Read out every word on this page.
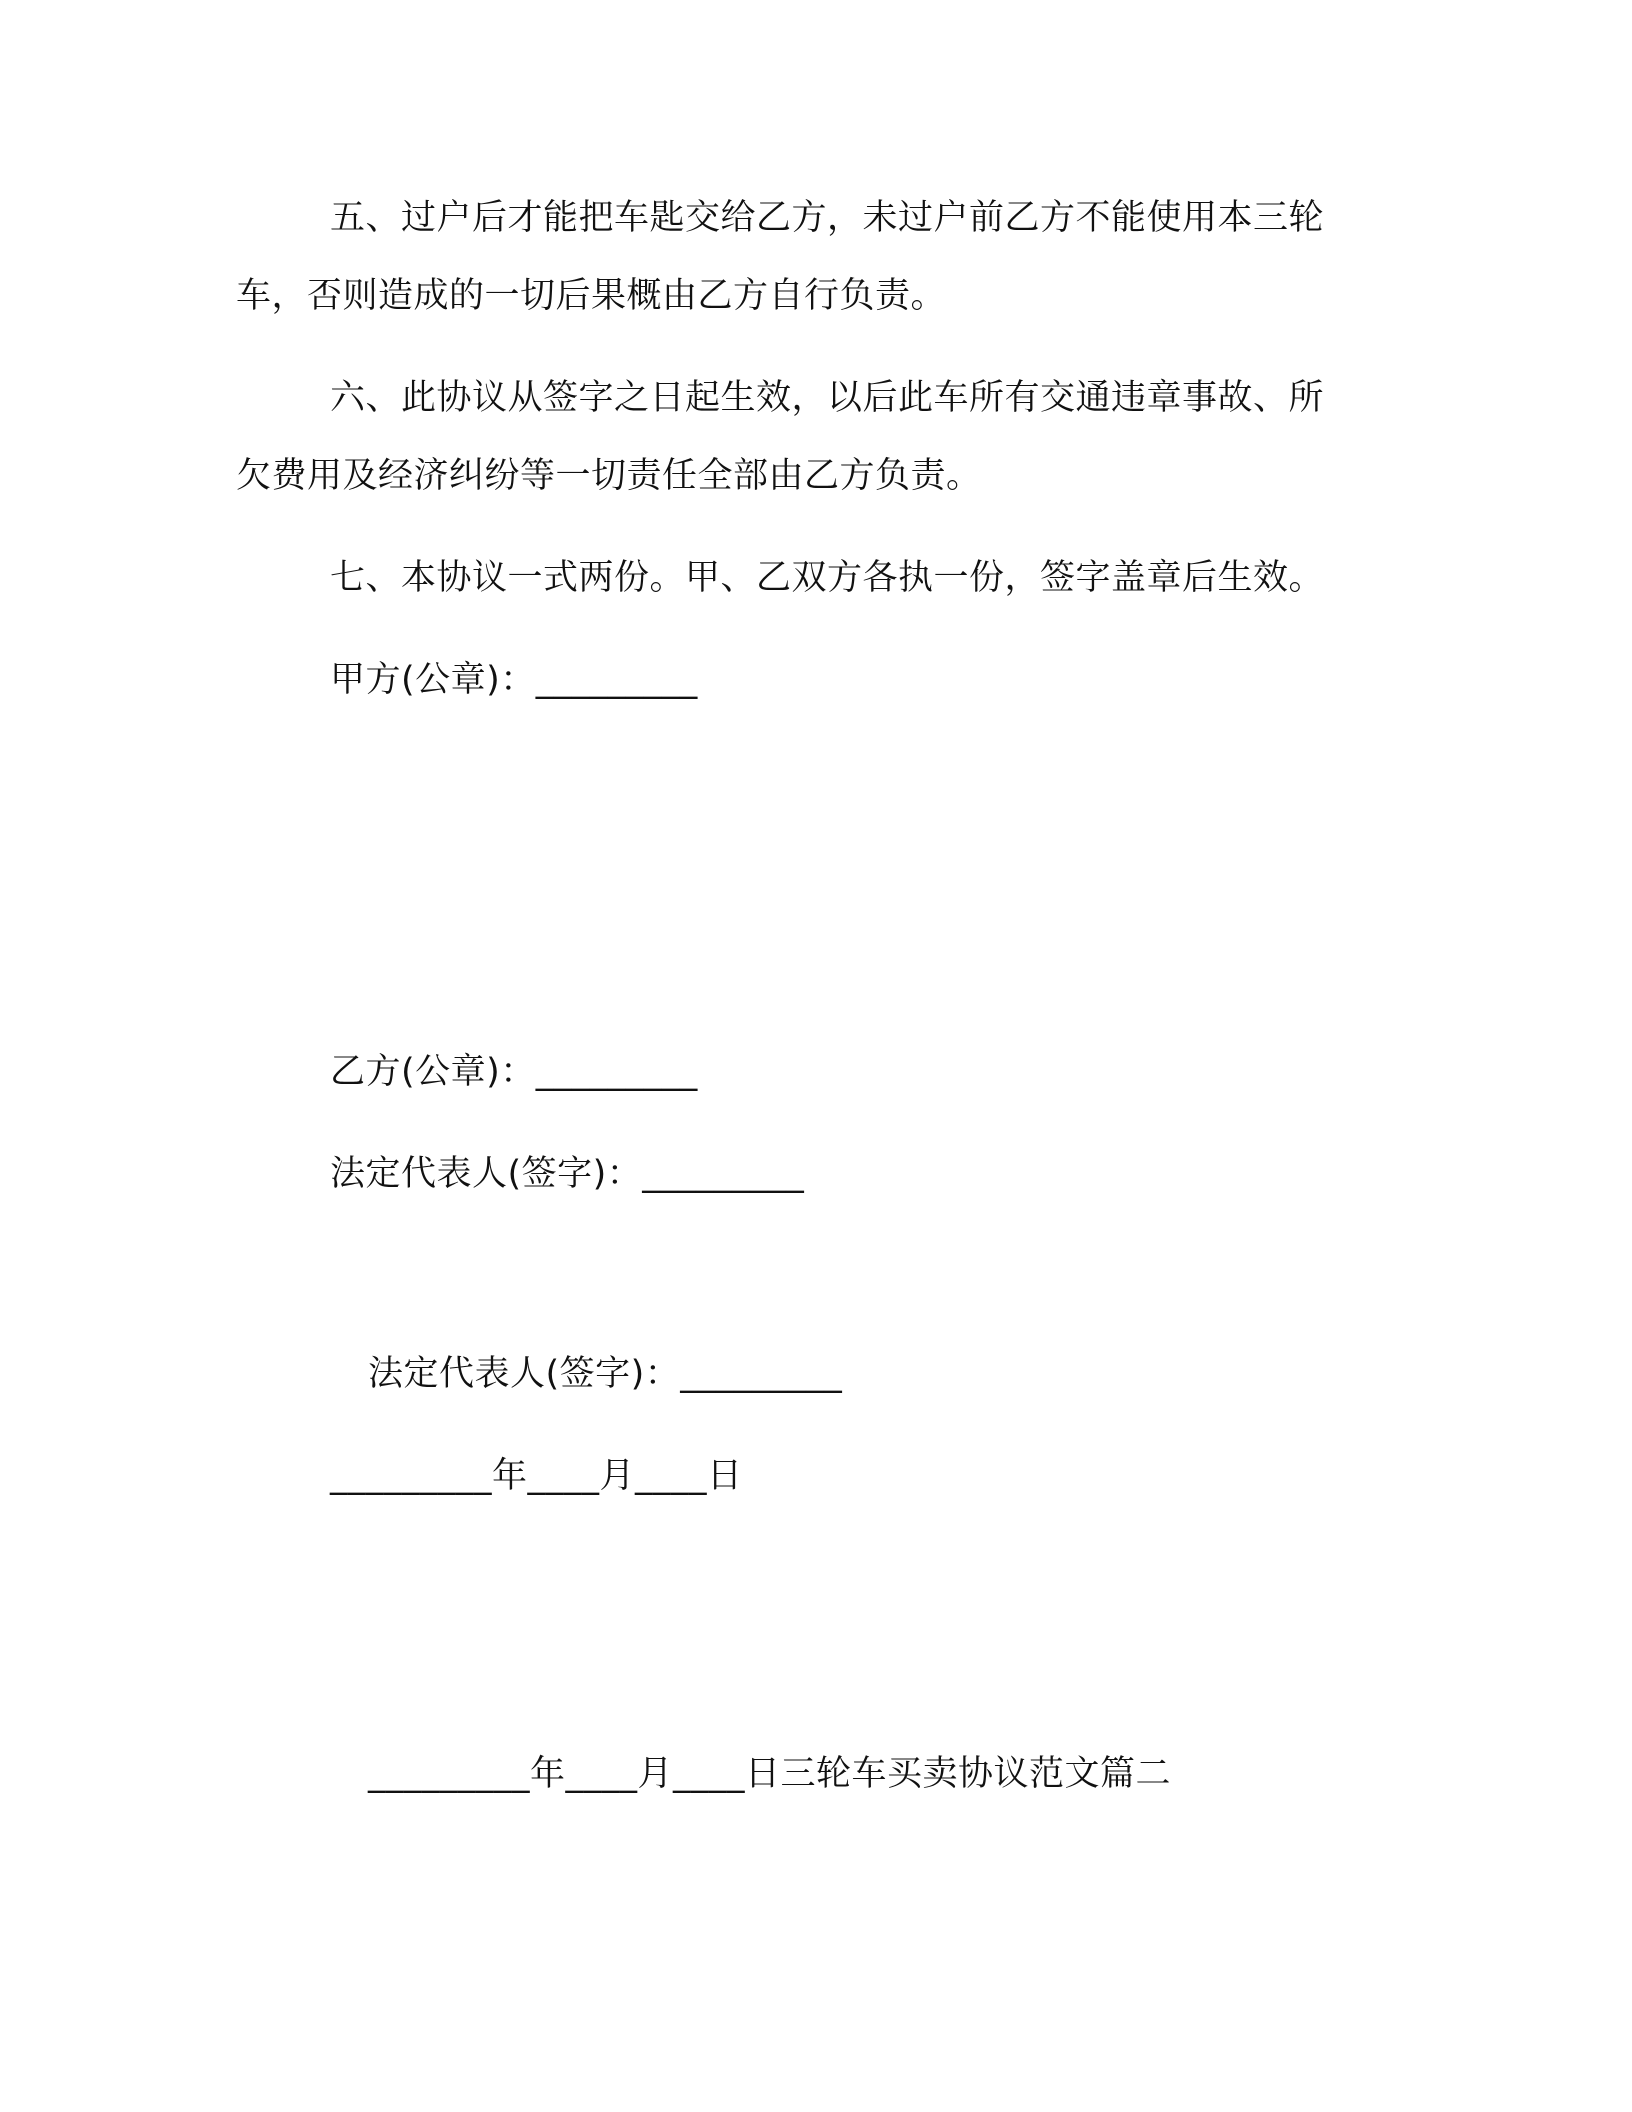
五、过户后才能把车匙交给乙方，未过户前乙方不能使用本三轮
车，否则造成的一切后果概由乙方自行负责。
六、此协议从签字之日起生效，以后此车所有交通违章事故、所
欠费用及经济纠纷等一切责任全部由乙方负责。
七、本协议一式两份。甲、乙双方各执一份，签字盖章后生效。
甲方(公章)：_________
乙方(公章)：_________
法定代表人(签字)：_________
法定代表人(签字)：_________
_________年____月____日
_________年____月____日三轮车买卖协议范文篇二
